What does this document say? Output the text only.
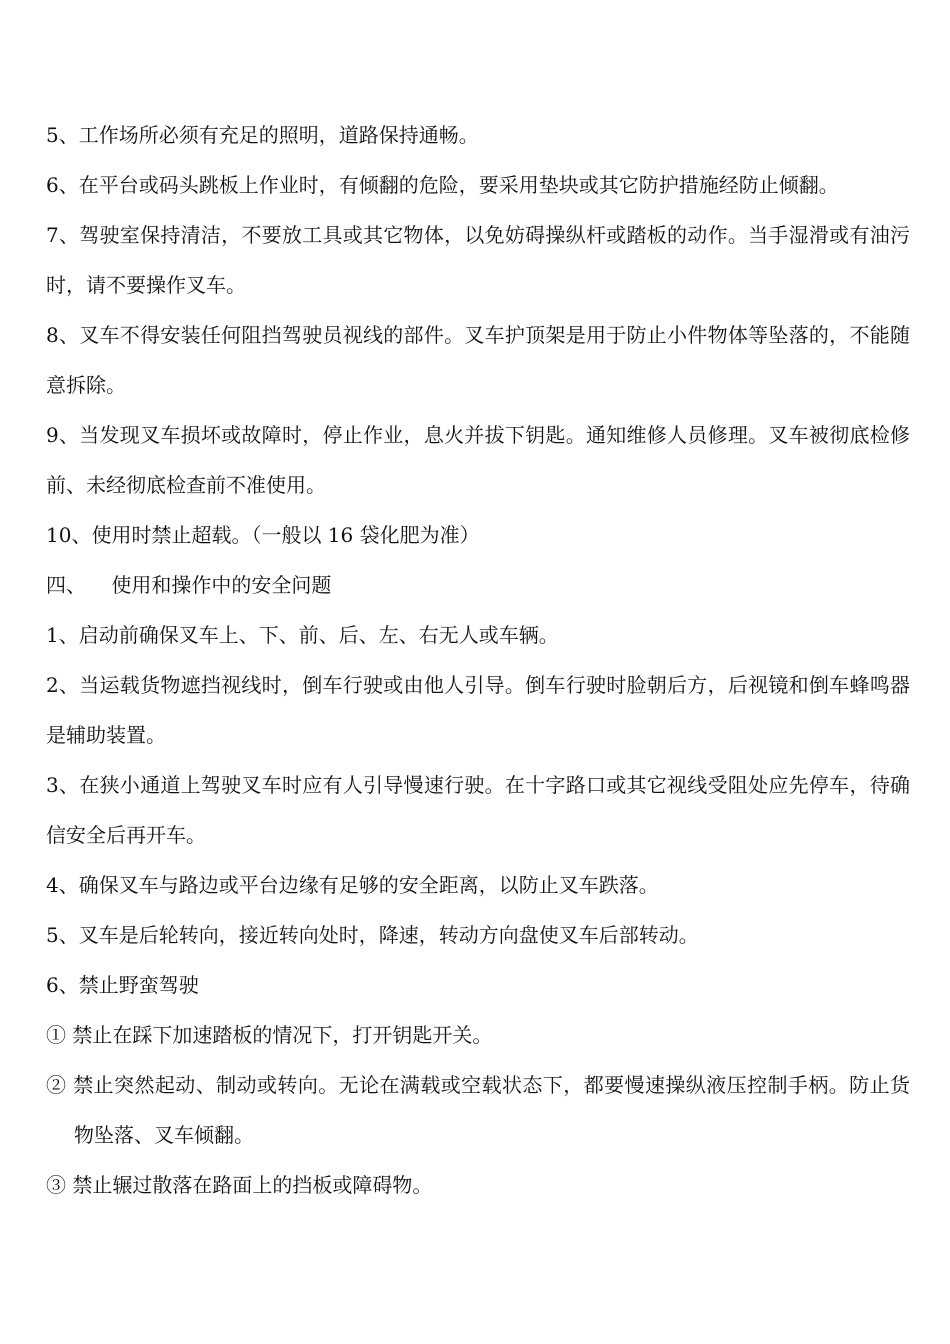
5、工作场所必须有充足的照明，道路保持通畅。

6、在平台或码头跳板上作业时，有倾翻的危险，要采用垫块或其它防护措施经防止倾翻。

7、驾驶室保持清洁，不要放工具或其它物体，以免妨碍操纵杆或踏板的动作。当手湿滑或有油污时，请不要操作叉车。

8、叉车不得安装任何阻挡驾驶员视线的部件。叉车护顶架是用于防止小件物体等坠落的，不能随意拆除。

9、当发现叉车损坏或故障时，停止作业，息火并拔下钥匙。通知维修人员修理。叉车被彻底检修前、未经彻底检查前不准使用。

10、使用时禁止超载。（一般以 16 袋化肥为准）

四、    使用和操作中的安全问题

1、启动前确保叉车上、下、前、后、左、右无人或车辆。

2、当运载货物遮挡视线时，倒车行驶或由他人引导。倒车行驶时脸朝后方，后视镜和倒车蜂鸣器是辅助装置。

3、在狭小通道上驾驶叉车时应有人引导慢速行驶。在十字路口或其它视线受阻处应先停车，待确信安全后再开车。

4、确保叉车与路边或平台边缘有足够的安全距离，以防止叉车跌落。

5、叉车是后轮转向，接近转向处时，降速，转动方向盘使叉车后部转动。

6、禁止野蛮驾驶

① 禁止在踩下加速踏板的情况下，打开钥匙开关。

② 禁止突然起动、制动或转向。无论在满载或空载状态下，都要慢速操纵液压控制手柄。防止货物坠落、叉车倾翻。

③ 禁止辗过散落在路面上的挡板或障碍物。
